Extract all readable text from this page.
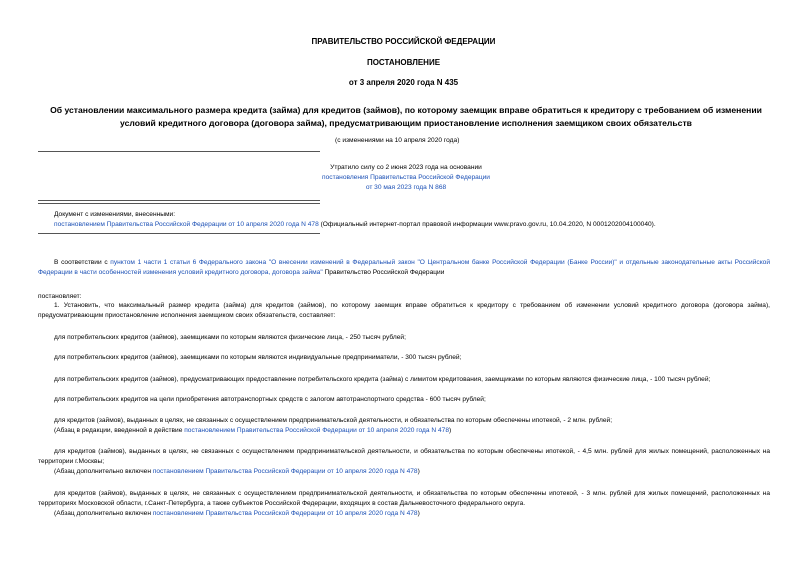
ПРАВИТЕЛЬСТВО РОССИЙСКОЙ ФЕДЕРАЦИИ
ПОСТАНОВЛЕНИЕ
от 3 апреля 2020 года N 435
Об установлении максимального размера кредита (займа) для кредитов (займов), по которому заемщик вправе обратиться к кредитору с требованием об изменении условий кредитного договора (договора займа), предусматривающим приостановление исполнения заемщиком своих обязательств
(с изменениями на 10 апреля 2020 года)
Утратило силу со 2 июня 2023 года на основании
постановления Правительства Российской Федерации
от 30 мая 2023 года N 868
Документ с изменениями, внесенными:
постановлением Правительства Российской Федерации от 10 апреля 2020 года N 478 (Официальный интернет-портал правовой информации www.pravo.gov.ru, 10.04.2020, N 0001202004100040).
В соответствии с пунктом 1 части 1 статьи 6 Федерального закона "О внесении изменений в Федеральный закон "О Центральном банке Российской Федерации (Банке России)" и отдельные законодательные акты Российской Федерации в части особенностей изменения условий кредитного договора, договора займа" Правительство Российской Федерации
постановляет:
1. Установить, что максимальный размер кредита (займа) для кредитов (займов), по которому заемщик вправе обратиться к кредитору с требованием об изменении условий кредитного договора (договора займа), предусматривающим приостановление исполнения заемщиком своих обязательств, составляет:
для потребительских кредитов (займов), заемщиками по которым являются физические лица, - 250 тысяч рублей;
для потребительских кредитов (займов), заемщиками по которым являются индивидуальные предприниматели, - 300 тысяч рублей;
для потребительских кредитов (займов), предусматривающих предоставление потребительского кредита (займа) с лимитом кредитования, заемщиками по которым являются физические лица, - 100 тысяч рублей;
для потребительских кредитов на цели приобретения автотранспортных средств с залогом автотранспортного средства - 600 тысяч рублей;
для кредитов (займов), выданных в целях, не связанных с осуществлением предпринимательской деятельности, и обязательства по которым обеспечены ипотекой, - 2 млн. рублей;
(Абзац в редакции, введенной в действие постановлением Правительства Российской Федерации от 10 апреля 2020 года N 478)
для кредитов (займов), выданных в целях, не связанных с осуществлением предпринимательской деятельности, и обязательства по которым обеспечены ипотекой, - 4,5 млн. рублей для жилых помещений, расположенных на территории г.Москвы;
(Абзац дополнительно включен постановлением Правительства Российской Федерации от 10 апреля 2020 года N 478)
для кредитов (займов), выданных в целях, не связанных с осуществлением предпринимательской деятельности, и обязательства по которым обеспечены ипотекой, - 3 млн. рублей для жилых помещений, расположенных на территориях Московской области, г.Санкт-Петербурга, а также субъектов Российской Федерации, входящих в состав Дальневосточного федерального округа.
(Абзац дополнительно включен постановлением Правительства Российской Федерации от 10 апреля 2020 года N 478)
